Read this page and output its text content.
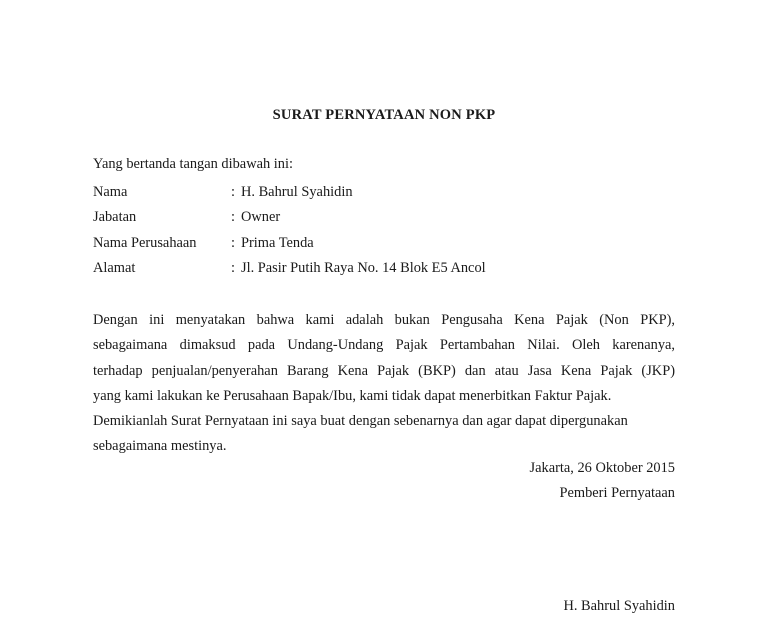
SURAT PERNYATAAN NON PKP
Yang bertanda tangan dibawah ini:
Nama	: H. Bahrul Syahidin
Jabatan	: Owner
Nama Perusahaan : Prima Tenda
Alamat	: Jl. Pasir Putih Raya No. 14 Blok E5 Ancol
Dengan ini menyatakan bahwa kami adalah bukan Pengusaha Kena Pajak (Non PKP),
sebagaimana dimaksud pada Undang-Undang Pajak Pertambahan Nilai. Oleh karenanya,
terhadap penjualan/penyerahan Barang Kena Pajak (BKP) dan atau Jasa Kena Pajak (JKP)
yang kami lakukan ke Perusahaan Bapak/Ibu, kami tidak dapat menerbitkan Faktur Pajak.
Demikianlah Surat Pernyataan ini saya buat dengan sebenarnya dan agar dapat dipergunakan
sebagaimana mestinya.
Jakarta, 26 Oktober 2015
Pemberi Pernyataan
H. Bahrul Syahidin
